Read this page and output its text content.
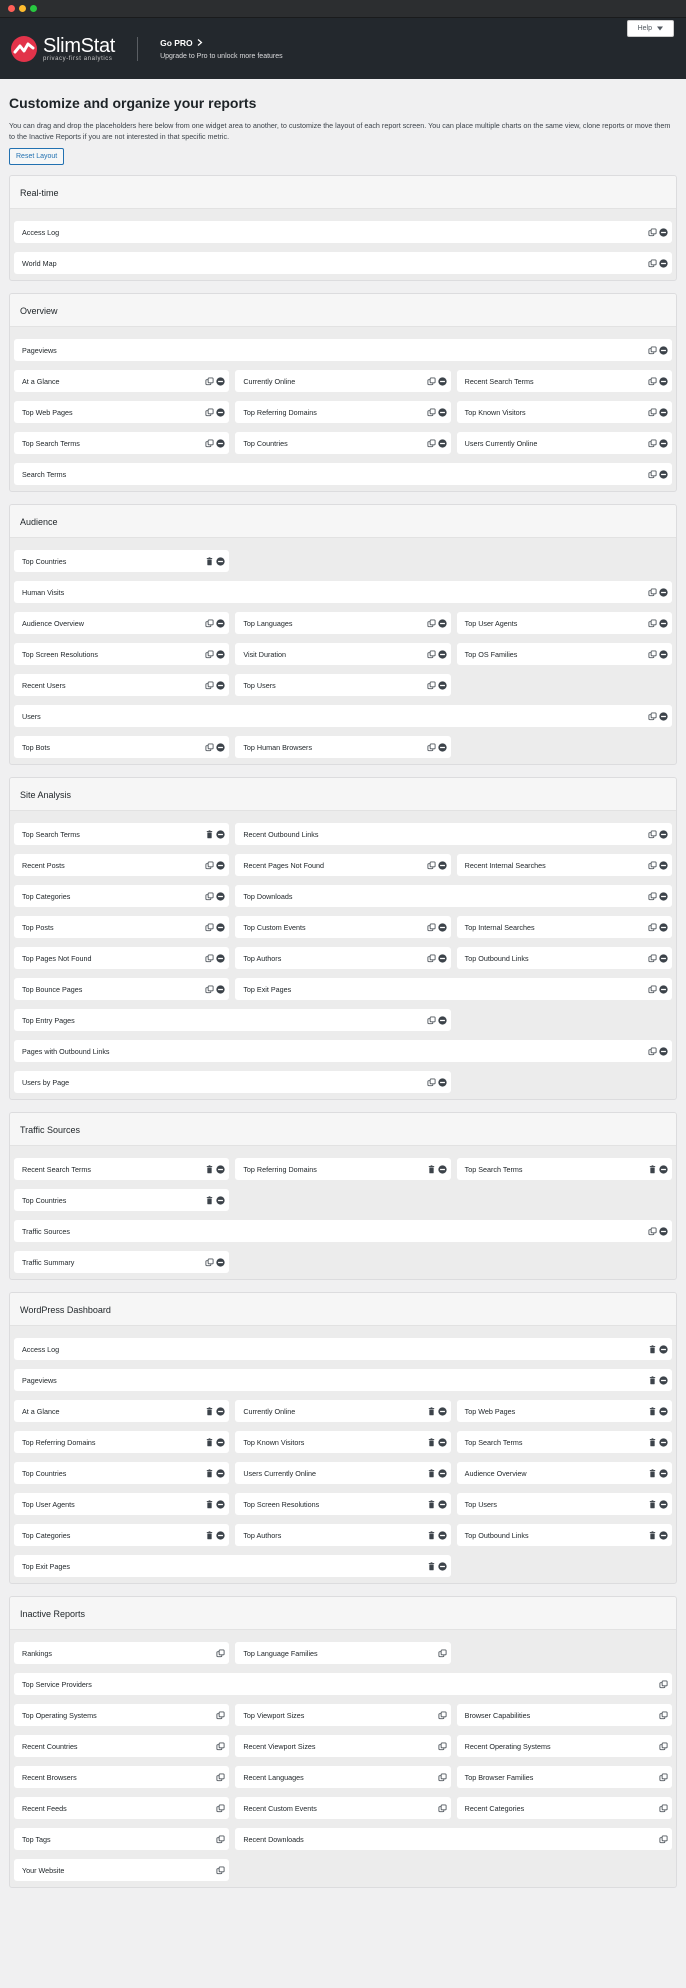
SlimStat
privacy-first analytics
Go PRO
Upgrade to Pro to unlock more features
Help
Customize and organize your reports

You can drag and drop the placeholders here below from one widget area to another, to customize the layout of each report screen. You can place multiple charts on the same view, clone reports or move them to the Inactive Reports if you are not interested in that specific metric.

Reset Layout
Real-time
Access Log
World Map
Overview
Pageviews
At a Glance	Currently Online	Recent Search Terms
Top Web Pages	Top Referring Domains	Top Known Visitors
Top Search Terms	Top Countries	Users Currently Online
Search Terms
Audience
Top Countries
Human Visits
Audience Overview	Top Languages	Top User Agents
Top Screen Resolutions	Visit Duration	Top OS Families
Recent Users	Top Users
Users
Top Bots	Top Human Browsers
Site Analysis
Top Search Terms	Recent Outbound Links
Recent Posts	Recent Pages Not Found	Recent Internal Searches
Top Categories	Top Downloads
Top Posts	Top Custom Events	Top Internal Searches
Top Pages Not Found	Top Authors	Top Outbound Links
Top Bounce Pages	Top Exit Pages
Top Entry Pages
Pages with Outbound Links
Users by Page
Traffic Sources
Recent Search Terms	Top Referring Domains	Top Search Terms
Top Countries
Traffic Sources
Traffic Summary
WordPress Dashboard
Access Log
Pageviews
At a Glance	Currently Online	Top Web Pages
Top Referring Domains	Top Known Visitors	Top Search Terms
Top Countries	Users Currently Online	Audience Overview
Top User Agents	Top Screen Resolutions	Top Users
Top Categories	Top Authors	Top Outbound Links
Top Exit Pages
Inactive Reports
Rankings	Top Language Families
Top Service Providers
Top Operating Systems	Top Viewport Sizes	Browser Capabilities
Recent Countries	Recent Viewport Sizes	Recent Operating Systems
Recent Browsers	Recent Languages	Top Browser Families
Recent Feeds	Recent Custom Events	Recent Categories
Top Tags	Recent Downloads
Your Website
